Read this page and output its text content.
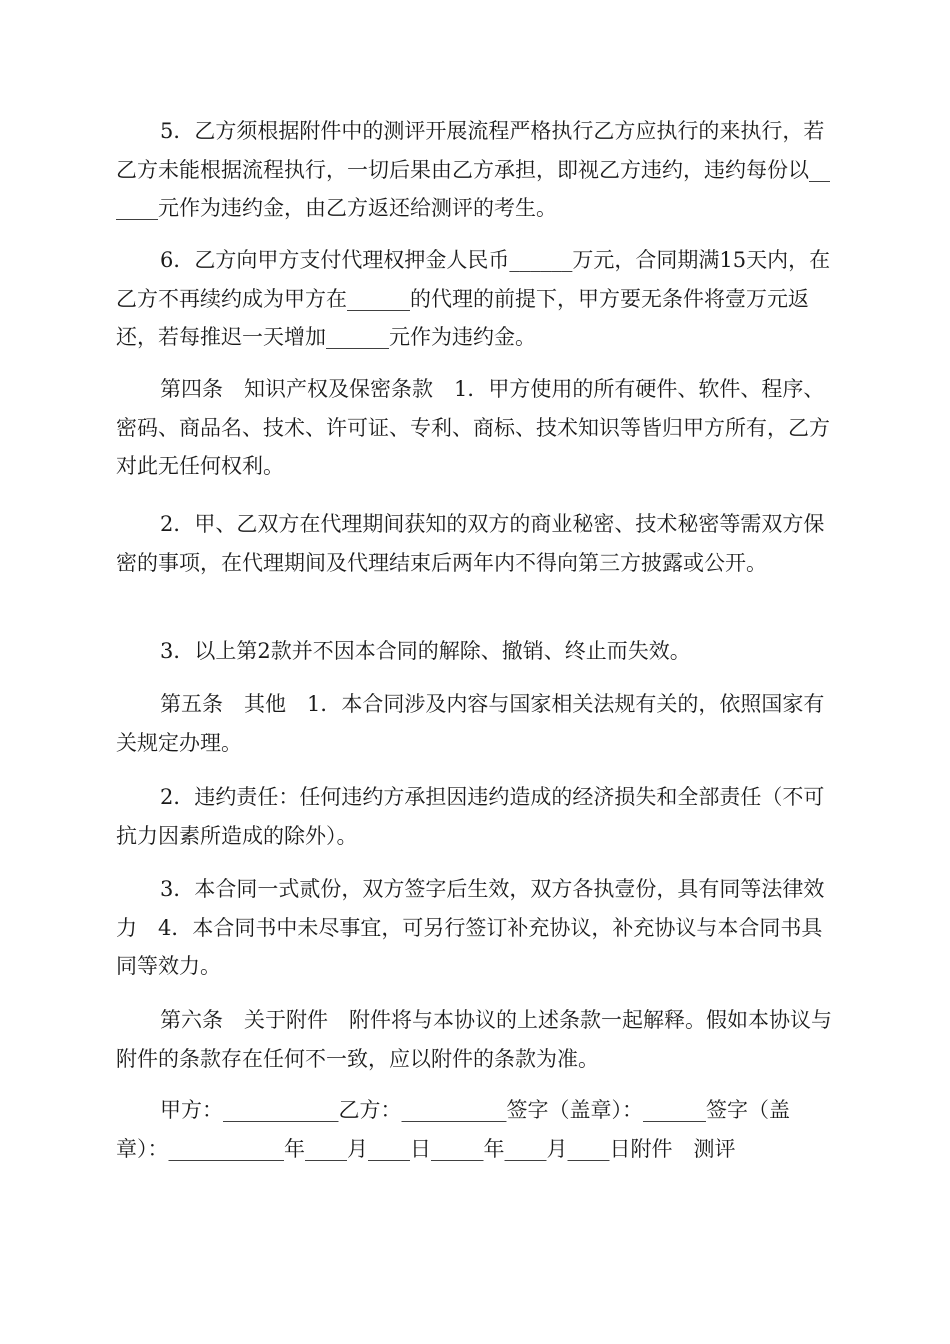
5．乙方须根据附件中的测评开展流程严格执行乙方应执行的来执行，若乙方未能根据流程执行，一切后果由乙方承担，即视乙方违约，违约每份以______元作为违约金，由乙方返还给测评的考生。

6．乙方向甲方支付代理权押金人民币______万元，合同期满15天内，在乙方不再续约成为甲方在______的代理的前提下，甲方要无条件将壹万元返还，若每推迟一天增加______元作为违约金。

第四条　知识产权及保密条款　1．甲方使用的所有硬件、软件、程序、密码、商品名、技术、许可证、专利、商标、技术知识等皆归甲方所有，乙方对此无任何权利。

2．甲、乙双方在代理期间获知的双方的商业秘密、技术秘密等需双方保密的事项，在代理期间及代理结束后两年内不得向第三方披露或公开。

3．以上第2款并不因本合同的解除、撤销、终止而失效。

第五条　其他　1．本合同涉及内容与国家相关法规有关的，依照国家有关规定办理。

2．违约责任：任何违约方承担因违约造成的经济损失和全部责任（不可抗力因素所造成的除外）。

3．本合同一式贰份，双方签字后生效，双方各执壹份，具有同等法律效力　4．本合同书中未尽事宜，可另行签订补充协议，补充协议与本合同书具同等效力。

第六条　关于附件　附件将与本协议的上述条款一起解释。假如本协议与附件的条款存在任何不一致，应以附件的条款为准。

甲方：___________乙方：__________签字（盖章）：______签字（盖章）：___________年____月____日_____年____月____日附件　测评
